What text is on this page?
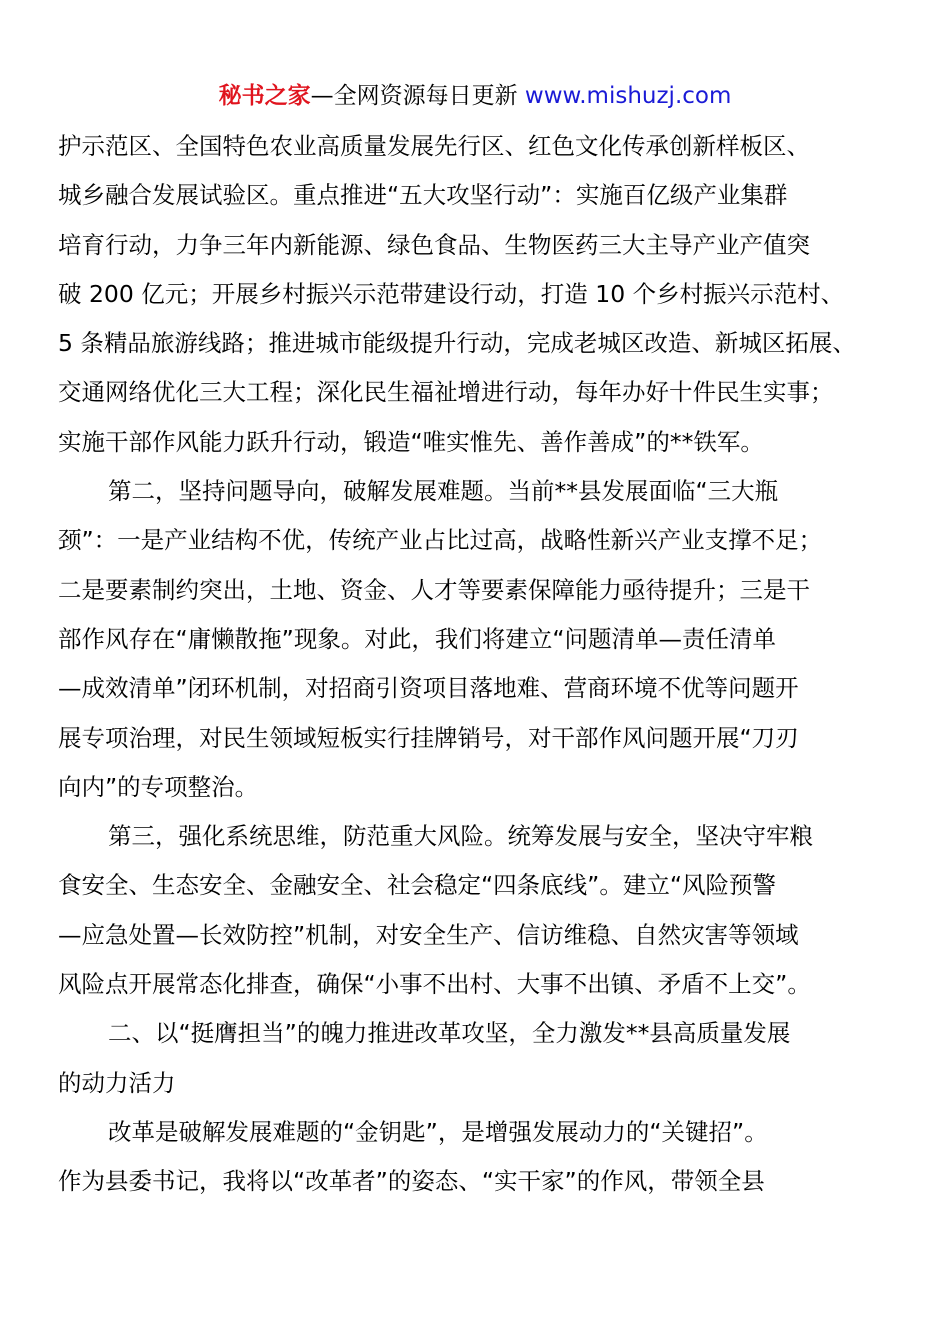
秘书之家—全网资源每日更新 www.mishuzj.com
护示范区、全国特色农业高质量发展先行区、红色文化传承创新样板区、
城乡融合发展试验区。重点推进“五大攻坚行动”：实施百亿级产业集群
培育行动，力争三年内新能源、绿色食品、生物医药三大主导产业产值突
破 200 亿元；开展乡村振兴示范带建设行动，打造 10 个乡村振兴示范村、
5 条精品旅游线路；推进城市能级提升行动，完成老城区改造、新城区拓展、
交通网络优化三大工程；深化民生福祉增进行动，每年办好十件民生实事；
实施干部作风能力跃升行动，锻造“唯实惟先、善作善成”的**铁军。
第二，坚持问题导向，破解发展难题。当前**县发展面临“三大瓶
颈”：一是产业结构不优，传统产业占比过高，战略性新兴产业支撑不足；
二是要素制约突出，土地、资金、人才等要素保障能力亟待提升；三是干
部作风存在“庸懒散拖”现象。对此，我们将建立“问题清单—责任清单
—成效清单”闭环机制，对招商引资项目落地难、营商环境不优等问题开
展专项治理，对民生领域短板实行挂牌销号，对干部作风问题开展“刀刃
向内”的专项整治。
第三，强化系统思维，防范重大风险。统筹发展与安全，坚决守牢粮
食安全、生态安全、金融安全、社会稳定“四条底线”。建立“风险预警
—应急处置—长效防控”机制，对安全生产、信访维稳、自然灾害等领域
风险点开展常态化排查，确保“小事不出村、大事不出镇、矛盾不上交”。
二、以“挺膺担当”的魄力推进改革攻坚，全力激发**县高质量发展
的动力活力
改革是破解发展难题的“金钥匙”，是增强发展动力的“关键招”。
作为县委书记，我将以“改革者”的姿态、“实干家”的作风，带领全县
